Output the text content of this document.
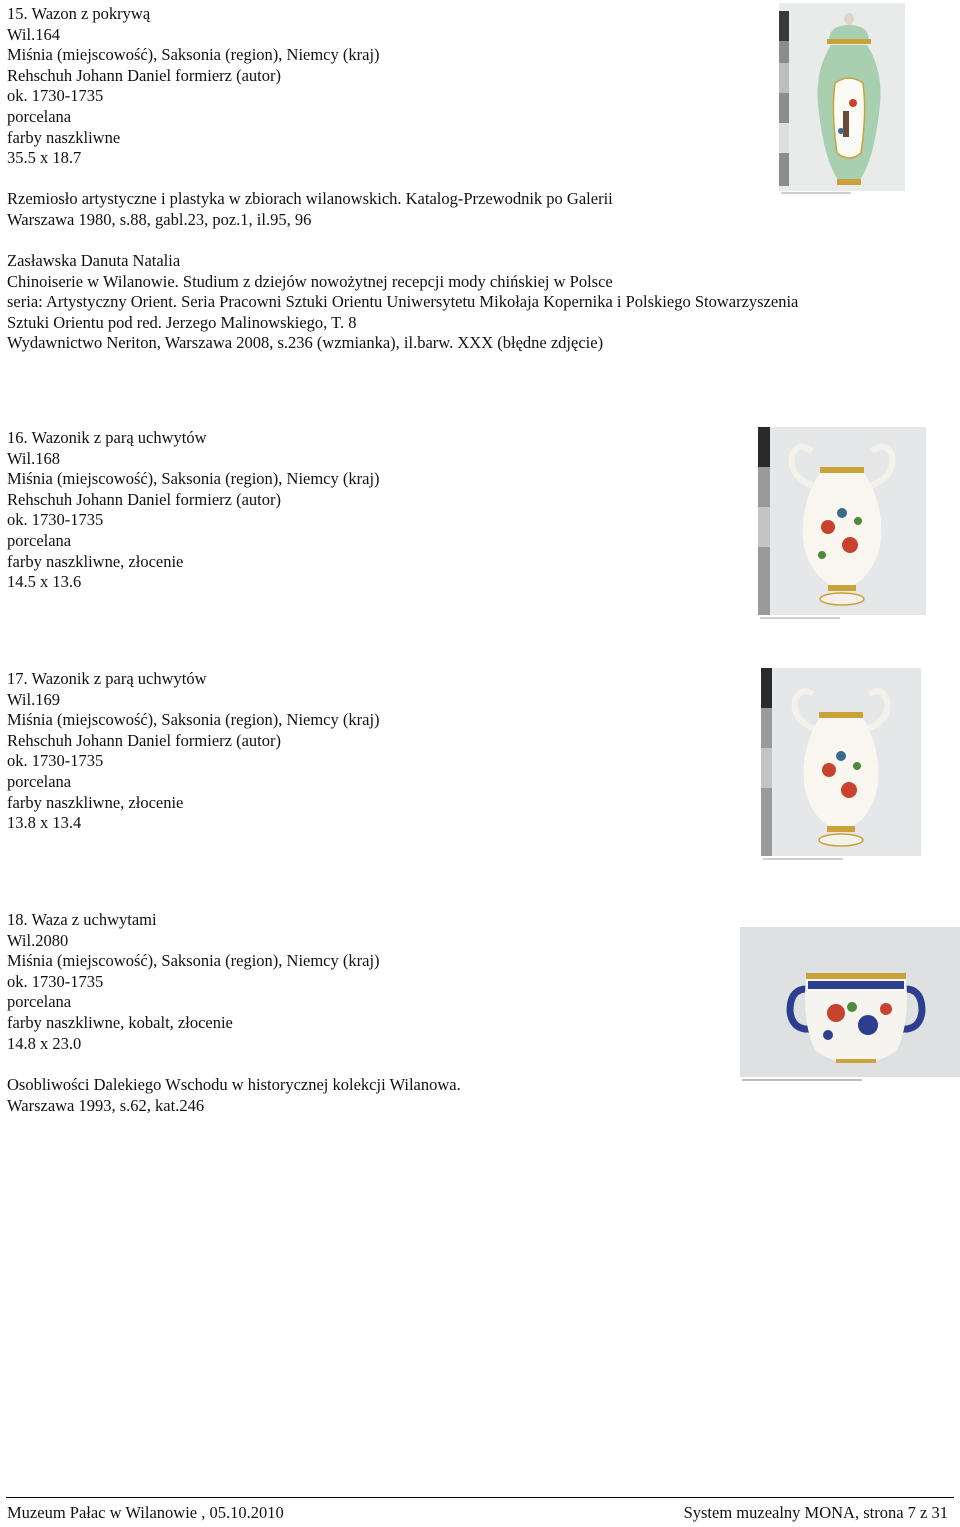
15. Wazon z pokrywą
Wil.164
Miśnia (miejscowość), Saksonia (region), Niemcy (kraj)
Rehschuh Johann Daniel formierz (autor)
ok. 1730-1735
porcelana
farby naszkliwne
35.5 x 18.7
Rzemiosło artystyczne i plastyka w zbiorach wilanowskich. Katalog-Przewodnik po Galerii
Warszawa 1980, s.88, gabl.23, poz.1, il.95, 96
Zasławska Danuta Natalia
Chinoiserie w Wilanowie. Studium z dziejów nowożytnej recepcji mody chińskiej w Polsce
seria: Artystyczny Orient. Seria Pracowni Sztuki Orientu Uniwersytetu Mikołaja Kopernika i Polskiego Stowarzyszenia
Sztuki Orientu pod red. Jerzego Malinowskiego, T. 8
Wydawnictwo Neriton, Warszawa 2008, s.236 (wzmianka), il.barw. XXX (błędne zdjęcie)
16. Wazonik z parą uchwytów
Wil.168
Miśnia (miejscowość), Saksonia (region), Niemcy (kraj)
Rehschuh Johann Daniel formierz (autor)
ok. 1730-1735
porcelana
farby naszkliwne, złocenie
14.5 x 13.6
17. Wazonik z parą uchwytów
Wil.169
Miśnia (miejscowość), Saksonia (region), Niemcy (kraj)
Rehschuh Johann Daniel formierz (autor)
ok. 1730-1735
porcelana
farby naszkliwne, złocenie
13.8 x 13.4
18. Waza z uchwytami
Wil.2080
Miśnia (miejscowość), Saksonia (region), Niemcy (kraj)
ok. 1730-1735
porcelana
farby naszkliwne, kobalt, złocenie
14.8 x 23.0
Osobliwości Dalekiego Wschodu w historycznej kolekcji Wilanowa.
Warszawa 1993, s.62, kat.246
Muzeum Pałac w Wilanowie , 05.10.2010	System muzealny MONA, strona 7 z 31
